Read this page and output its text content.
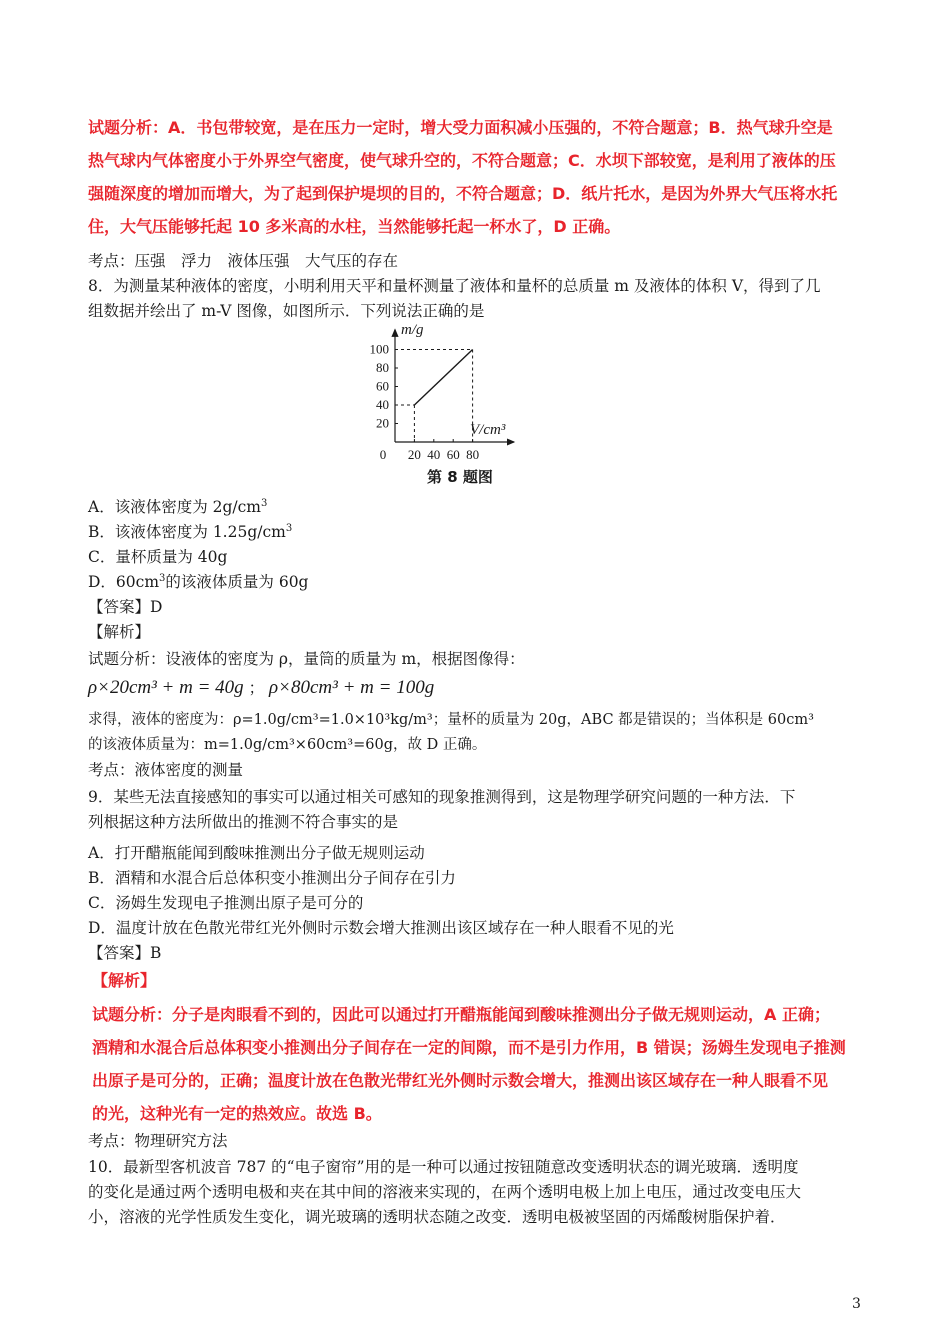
试题分析：A．书包带较宽，是在压力一定时，增大受力面积减小压强的，不符合题意；B．热气球升空是
热气球内气体密度小于外界空气密度，使气球升空的，不符合题意；C．水坝下部较宽，是利用了液体的压
强随深度的增加而增大，为了起到保护堤坝的目的，不符合题意；D．纸片托水，是因为外界大气压将水托
住，大气压能够托起 10 多米高的水柱，当然能够托起一杯水了，D 正确。
考点：压强　浮力　液体压强　大气压的存在
8．为测量某种液体的密度，小明利用天平和量杯测量了液体和量杯的总质量 m 及液体的体积 V，得到了几
组数据并绘出了 m-V 图像，如图所示．下列说法正确的是
0 20 40 60 80
20
40
60
80
100
m/g
V/cm³
第 8 题图
A．该液体密度为 $2g/cm^3$
B．该液体密度为 $1.25g/cm^3$
C．量杯质量为 40g
D．$60cm^3$的该液体质量为 60g
【答案】D
【解析】
试题分析：设液体的密度为 ρ，量筒的质量为 m，根据图像得：
ρ×20cm³ + m = 40g ； ρ×80cm³ + m = 100g
求得，液体的密度为：ρ=1.0g/cm³=1.0×10³kg/m³；量杯的质量为 20g，ABC 都是错误的；当体积是 60cm³
的该液体质量为：m=1.0g/cm³×60cm³=60g，故 D 正确。
考点：液体密度的测量
9．某些无法直接感知的事实可以通过相关可感知的现象推测得到，这是物理学研究问题的一种方法．下
列根据这种方法所做出的推测不符合事实的是
A．打开醋瓶能闻到酸味推测出分子做无规则运动
B．酒精和水混合后总体积变小推测出分子间存在引力
C．汤姆生发现电子推测出原子是可分的
D．温度计放在色散光带红光外侧时示数会增大推测出该区域存在一种人眼看不见的光
【答案】B
【解析】
试题分析：分子是肉眼看不到的，因此可以通过打开醋瓶能闻到酸味推测出分子做无规则运动，A 正确；
酒精和水混合后总体积变小推测出分子间存在一定的间隙，而不是引力作用，B 错误；汤姆生发现电子推测
出原子是可分的，正确；温度计放在色散光带红光外侧时示数会增大，推测出该区域存在一种人眼看不见
的光，这种光有一定的热效应。故选 B。
考点：物理研究方法
10．最新型客机波音 787 的“电子窗帘”用的是一种可以通过按钮随意改变透明状态的调光玻璃．透明度
的变化是通过两个透明电极和夹在其中间的溶液来实现的，在两个透明电极上加上电压，通过改变电压大
小，溶液的光学性质发生变化，调光玻璃的透明状态随之改变．透明电极被坚固的丙烯酸树脂保护着．
3
